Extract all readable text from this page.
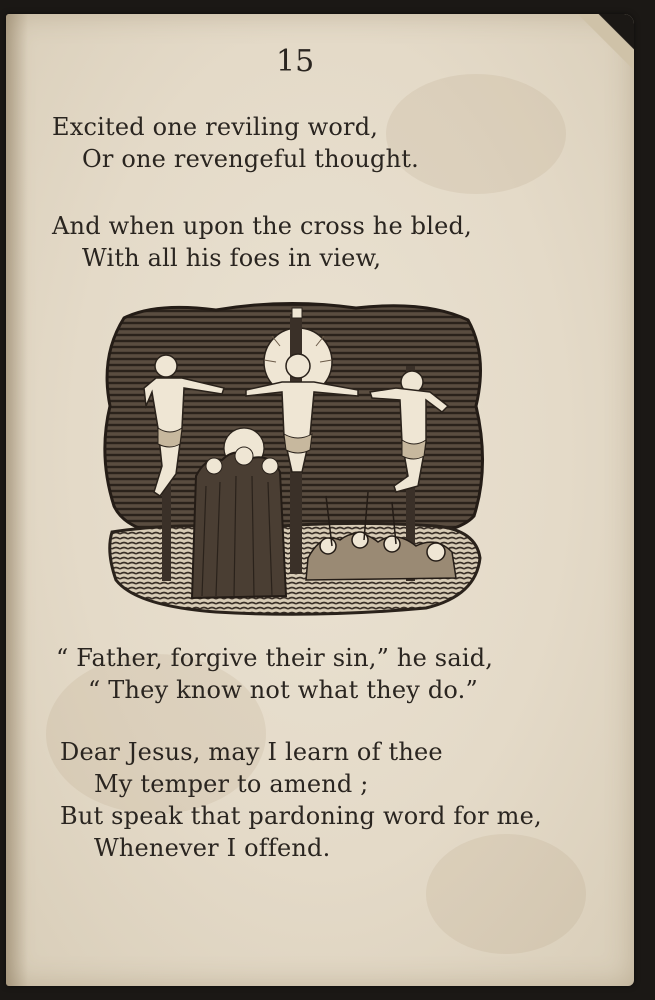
15

Excited one reviling word,

Or one revengeful thought.

And when upon the cross he bled,

With all his foes in view,

“ Father, forgive their sin,” he said,

“ They know not what they do.”

Dear Jesus, may I learn of thee

My temper to amend ;

But speak that pardoning word for me,

Whenever I offend.
